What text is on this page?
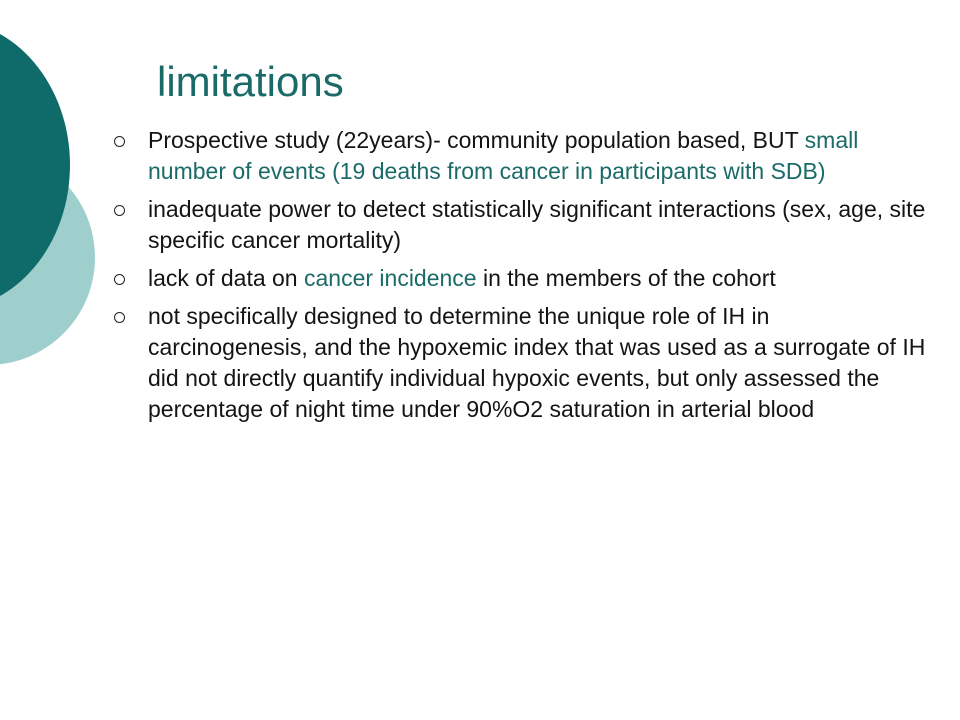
limitations
Prospective study (22years)- community population based, BUT small number of events (19 deaths from cancer in participants with SDB)
inadequate power to detect statistically significant interactions (sex, age, site specific cancer mortality)
lack of data on cancer incidence in the members of the cohort
not specifically designed to determine the unique role of IH in carcinogenesis, and the hypoxemic index that was used as a surrogate of IH did not directly quantify individual hypoxic events, but only assessed the percentage of night time under 90%O2 saturation in arterial blood
